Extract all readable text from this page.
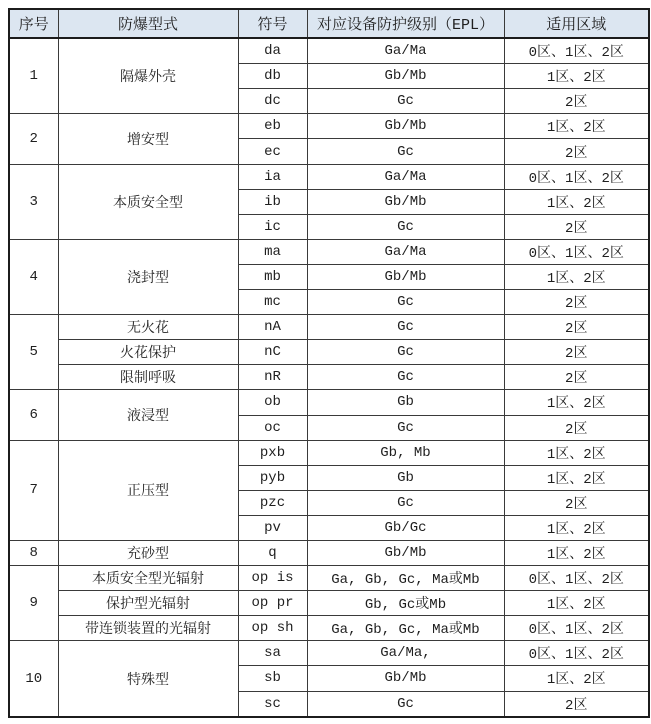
序号	防爆型式	符号	对应设备防护级别（EPL）	适用区域
1	隔爆外壳	da	Ga/Ma	0区、1区、2区
		db	Gb/Mb	1区、2区
		dc	Gc	2区
2	增安型	eb	Gb/Mb	1区、2区
		ec	Gc	2区
3	本质安全型	ia	Ga/Ma	0区、1区、2区
		ib	Gb/Mb	1区、2区
		ic	Gc	2区
4	浇封型	ma	Ga/Ma	0区、1区、2区
		mb	Gb/Mb	1区、2区
		mc	Gc	2区
5	无火花	nA	Gc	2区
	火花保护	nC	Gc	2区
	限制呼吸	nR	Gc	2区
6	液浸型	ob	Gb	1区、2区
		oc	Gc	2区
7	正压型	pxb	Gb, Mb	1区、2区
		pyb	Gb	1区、2区
		pzc	Gc	2区
		pv	Gb/Gc	1区、2区
8	充砂型	q	Gb/Mb	1区、2区
9	本质安全型光辐射	op is	Ga, Gb, Gc, Ma或Mb	0区、1区、2区
	保护型光辐射	op pr	Gb, Gc或Mb	1区、2区
	带连锁装置的光辐射	op sh	Ga, Gb, Gc, Ma或Mb	0区、1区、2区
10	特殊型	sa	Ga/Ma,	0区、1区、2区
		sb	Gb/Mb	1区、2区
		sc	Gc	2区
